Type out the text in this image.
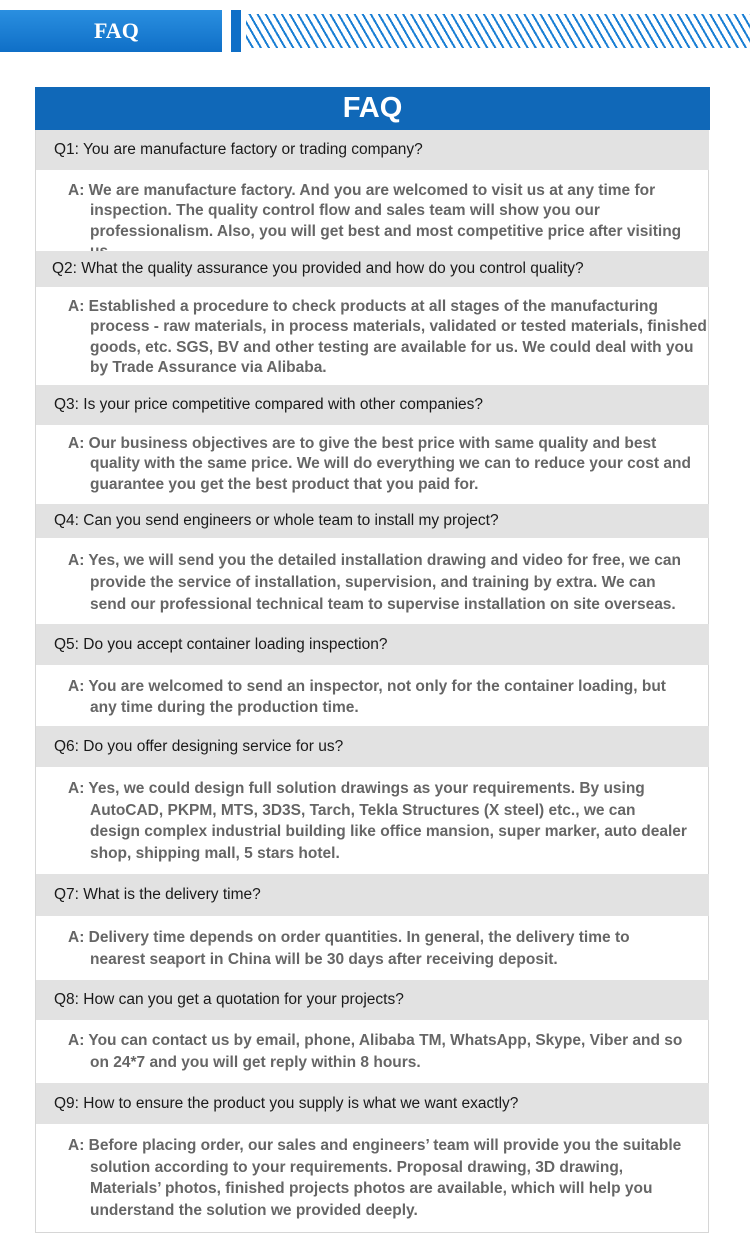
FAQ
FAQ
Q1: You are manufacture factory or trading company?
A: We are manufacture factory. And you are welcomed to visit us at any time for inspection. The quality control flow and sales team will show you our professionalism. Also, you will get best and most competitive price after visiting
Q2: What the quality assurance you provided and how do you control quality?
A: Established a procedure to check products at all stages of the manufacturing process - raw materials, in process materials, validated or tested materials, finished goods, etc. SGS, BV and other testing are available for us. We could deal with you by Trade Assurance via Alibaba.
Q3: Is your price competitive compared with other companies?
A: Our business objectives are to give the best price with same quality and best quality with the same price. We will do everything we can to reduce your cost and guarantee you get the best product that you paid for.
Q4: Can you send engineers or whole team to install my project?
A: Yes, we will send you the detailed installation drawing and video for free, we can provide the service of installation, supervision, and training by extra. We can send our professional technical team to supervise installation on site overseas.
Q5: Do you accept container loading inspection?
A: You are welcomed to send an inspector, not only for the container loading, but any time during the production time.
Q6: Do you offer designing service for us?
A: Yes, we could design full solution drawings as your requirements. By using AutoCAD, PKPM, MTS, 3D3S, Tarch, Tekla Structures (X steel) etc., we can design complex industrial building like office mansion, super marker, auto dealer shop, shipping mall, 5 stars hotel.
Q7: What is the delivery time?
A: Delivery time depends on order quantities. In general, the delivery time to nearest seaport in China will be 30 days after receiving deposit.
Q8: How can you get a quotation for your projects?
A: You can contact us by email, phone, Alibaba TM, WhatsApp, Skype, Viber and so on 24*7 and you will get reply within 8 hours.
Q9: How to ensure the product you supply is what we want exactly?
A: Before placing order, our sales and engineers’ team will provide you the suitable solution according to your requirements. Proposal drawing, 3D drawing, Materials’ photos, finished projects photos are available, which will help you understand the solution we provided deeply.
